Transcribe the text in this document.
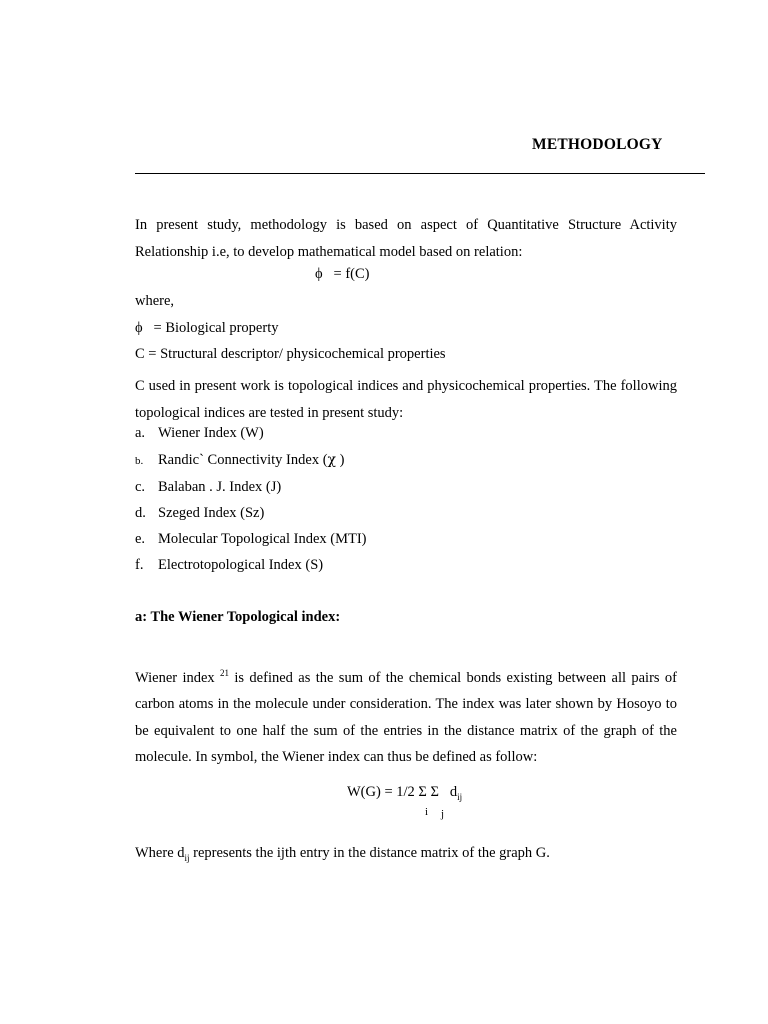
METHODOLOGY
In present study, methodology is based on aspect of Quantitative Structure Activity Relationship i.e, to develop mathematical model based on relation:
ϕ = f(C)
where,
ϕ = Biological property
C = Structural descriptor/ physicochemical properties
C used in present work is topological indices and physicochemical properties. The following topological indices are tested in present study:
a. Wiener Index (W)
b. Randic` Connectivity Index (χ )
c. Balaban . J. Index (J)
d. Szeged Index (Sz)
e. Molecular Topological Index (MTI)
f. Electrotopological Index (S)
a: The Wiener Topological index:
Wiener index $^{21}$ is defined as the sum of the chemical bonds existing between all pairs of carbon atoms in the molecule under consideration. The index was later shown by Hosoyo to be equivalent to one half the sum of the entries in the distance matrix of the graph of the molecule. In symbol, the Wiener index can thus be defined as follow:
W(G) = 1/2 Σ Σ $d_{ij}$
i j
Where $d_{ij}$ represents the ijth entry in the distance matrix of the graph G.
